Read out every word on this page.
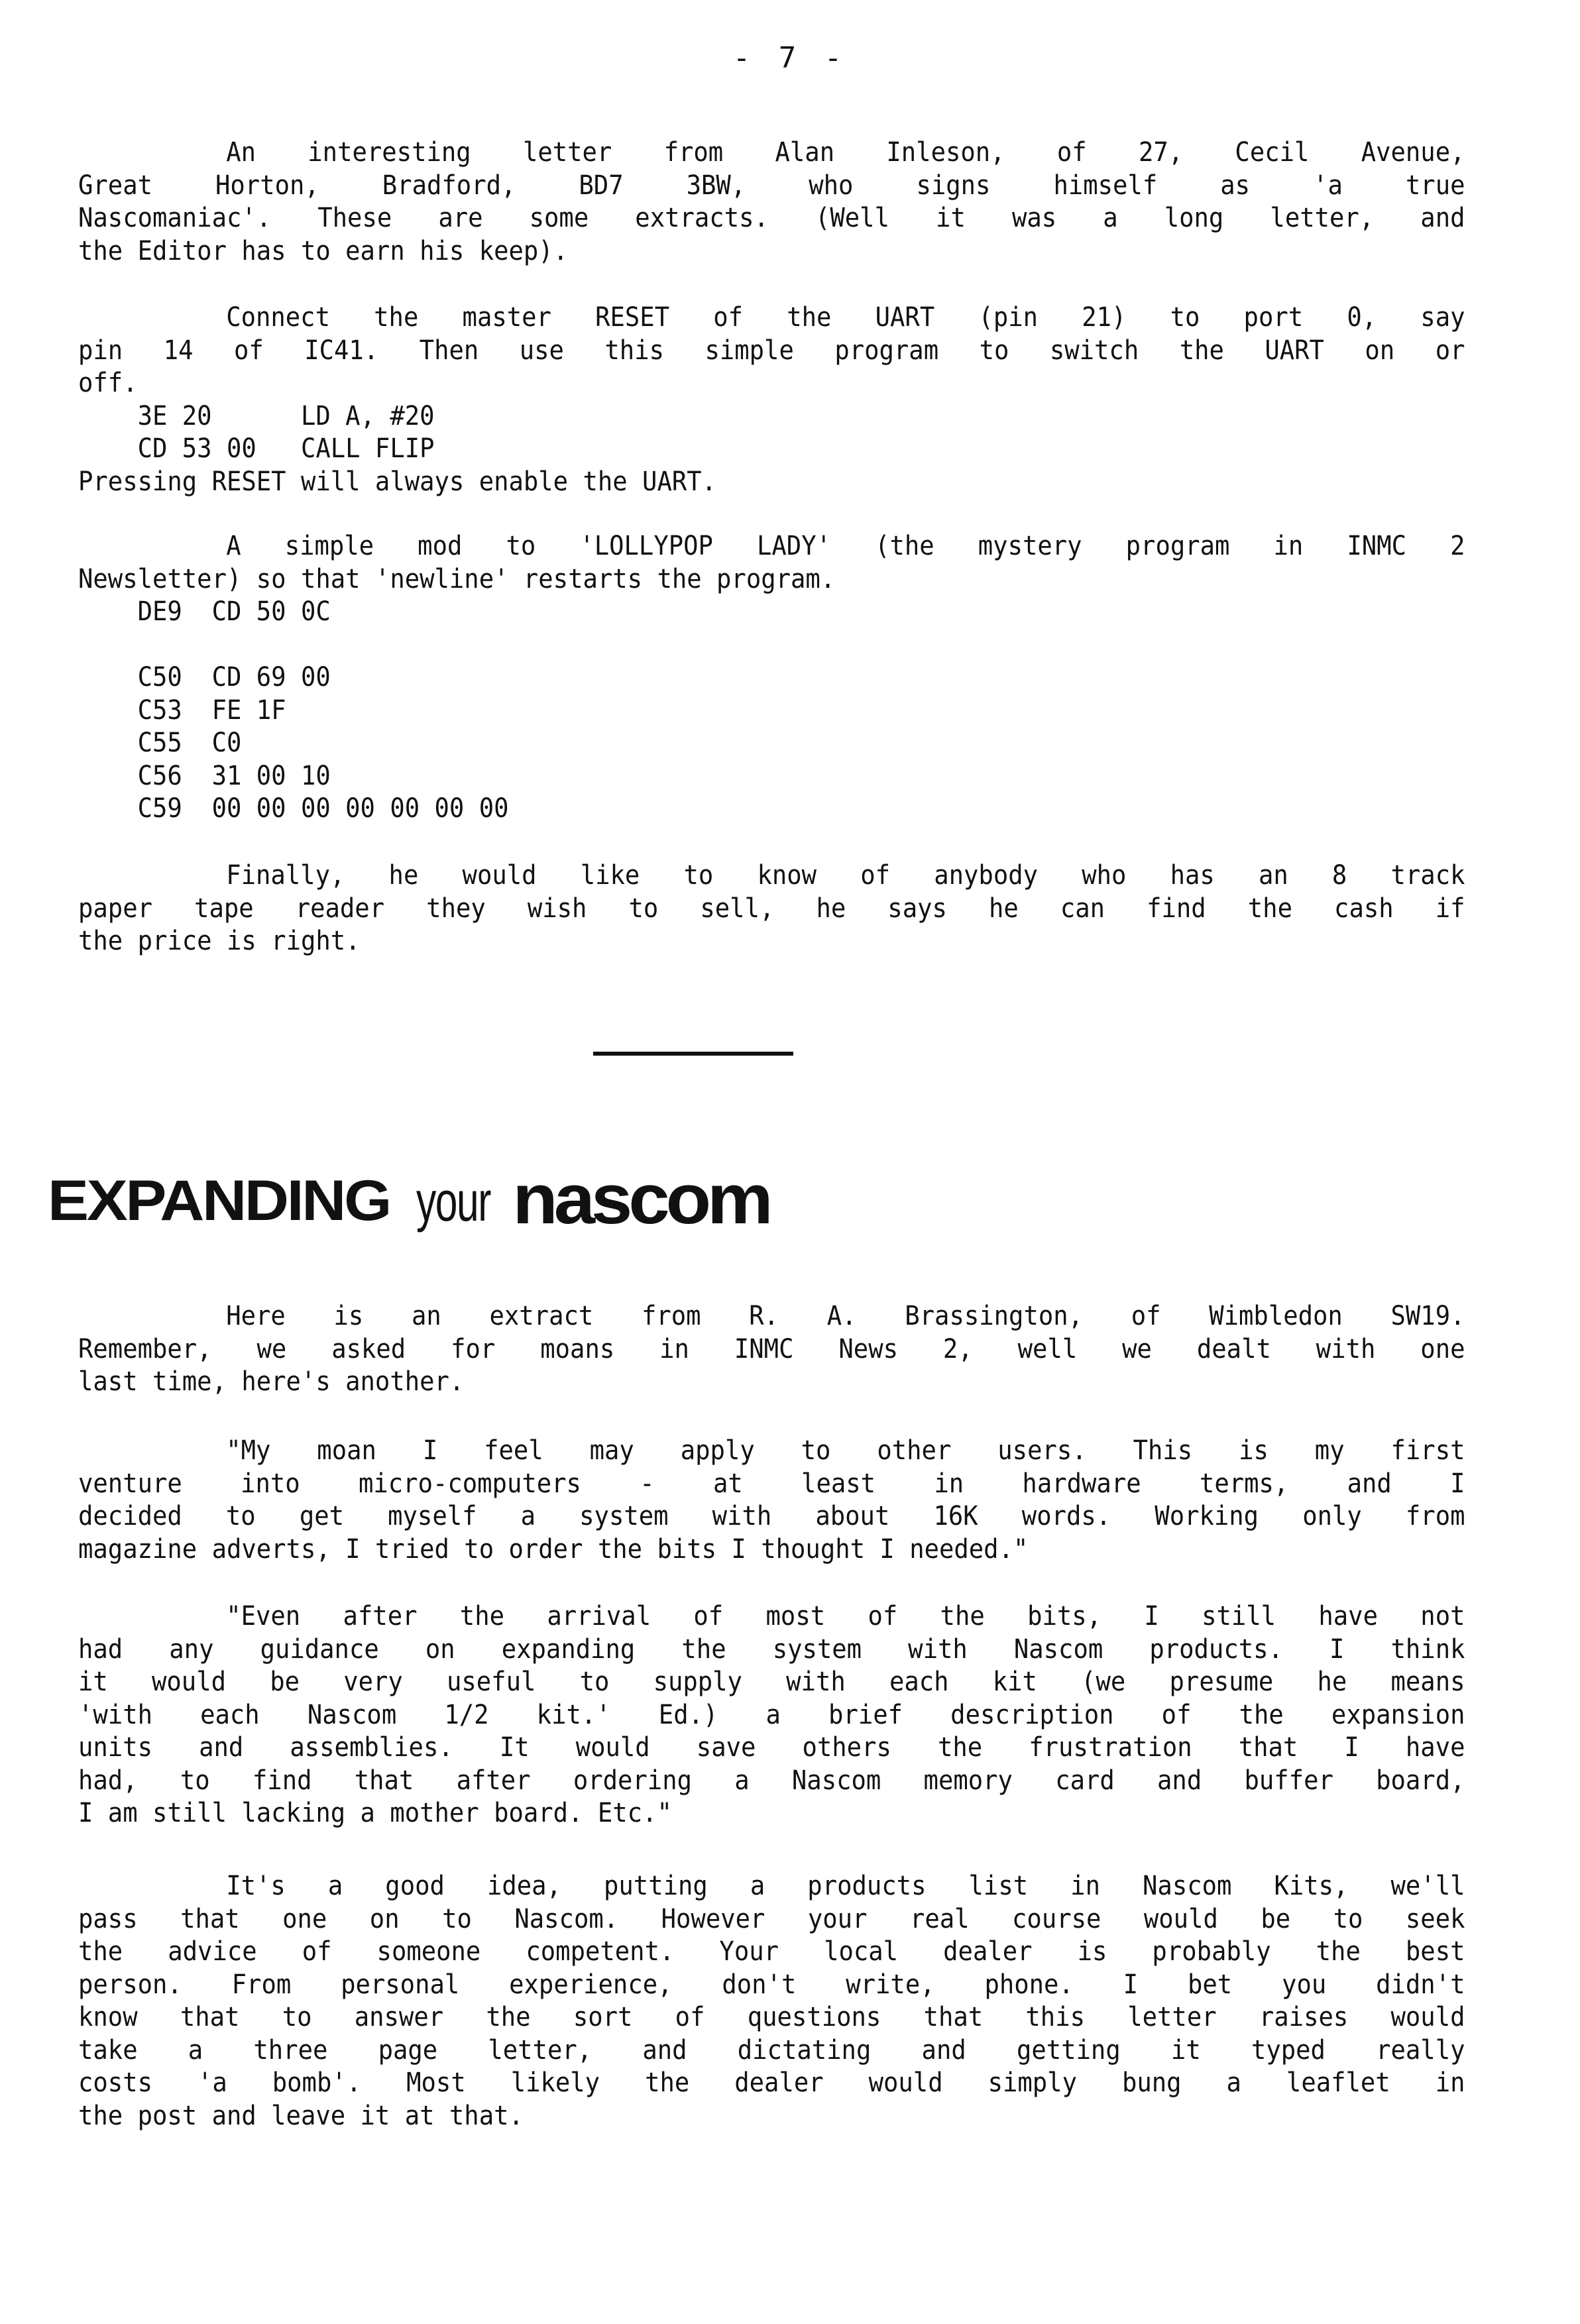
- 7 -
An interesting letter from Alan Inleson, of 27, Cecil Avenue,
Great Horton, Bradford, BD7 3BW, who signs himself as 'a true
Nascomaniac'. These are some extracts. (Well it was a long letter, and
the Editor has to earn his keep).
Connect the master RESET of the UART (pin 21) to port 0, say
pin 14 of IC41. Then use this simple program to switch the UART on or
off.
3E 20      LD A, #20
CD 53 00   CALL FLIP
Pressing RESET will always enable the UART.
A simple mod to 'LOLLYPOP LADY' (the mystery program in INMC 2
Newsletter) so that 'newline' restarts the program.
DE9  CD 50 0C
C50  CD 69 00
C53  FE 1F
C55  C0
C56  31 00 10
C59  00 00 00 00 00 00 00
Finally, he would like to know of anybody who has an 8 track
paper tape reader they wish to sell, he says he can find the cash if
the price is right.
EXPANDING your nascom
Here is an extract from R. A. Brassington, of Wimbledon SW19.
Remember, we asked for moans in INMC News 2, well we dealt with one
last time, here's another.
"My moan I feel may apply to other users. This is my first
venture into micro-computers - at least in hardware terms, and I
decided to get myself a system with about 16K words. Working only from
magazine adverts, I tried to order the bits I thought I needed."
"Even after the arrival of most of the bits, I still have not
had any guidance on expanding the system with Nascom products. I think
it would be very useful to supply with each kit (we presume he means
'with each Nascom 1/2 kit.' Ed.) a brief description of the expansion
units and assemblies. It would save others the frustration that I have
had, to find that after ordering a Nascom memory card and buffer board,
I am still lacking a mother board. Etc."
It's a good idea, putting a products list in Nascom Kits, we'll
pass that one on to Nascom. However your real course would be to seek
the advice of someone competent. Your local dealer is probably the best
person. From personal experience, don't write, phone. I bet you didn't
know that to answer the sort of questions that this letter raises would
take a three page letter, and dictating and getting it typed really
costs 'a bomb'. Most likely the dealer would simply bung a leaflet in
the post and leave it at that.
